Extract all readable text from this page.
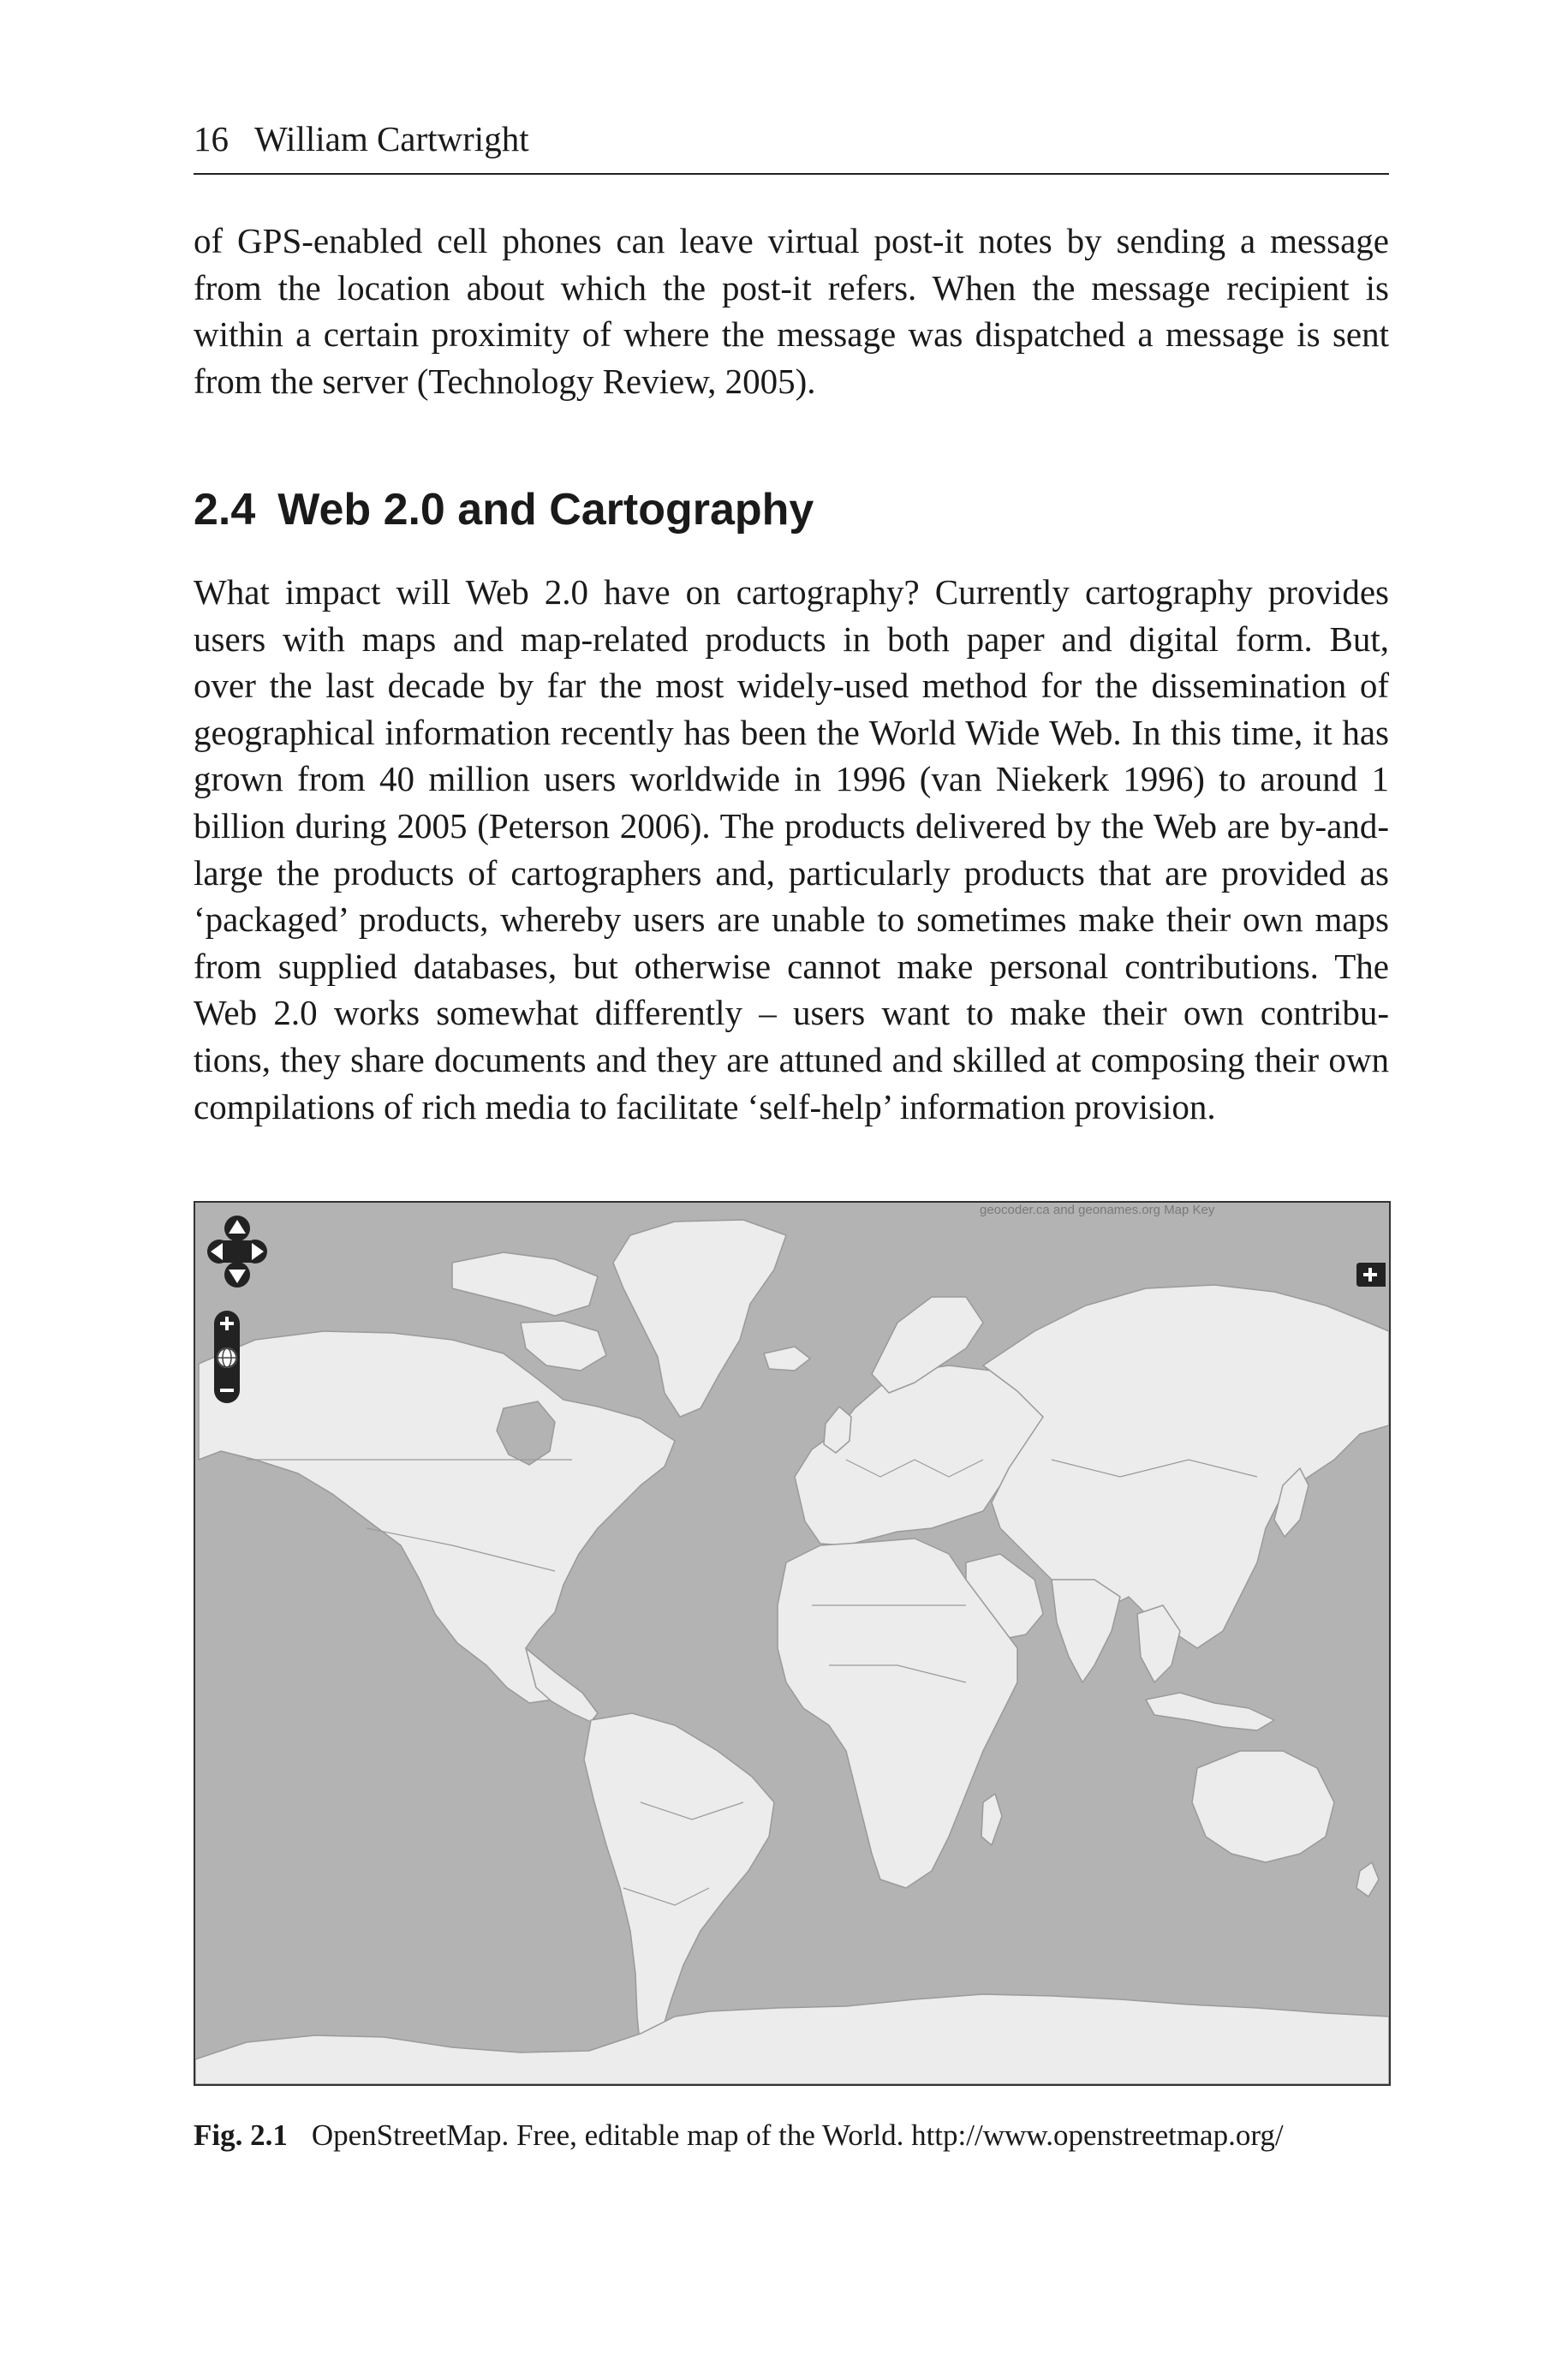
16 William Cartwright
of GPS-enabled cell phones can leave virtual post-it notes by sending a message
from the location about which the post-it refers. When the message recipient is
within a certain proximity of where the message was dispatched a message is sent
from the server (Technology Review, 2005).
2.4 Web 2.0 and Cartography
What impact will Web 2.0 have on cartography? Currently cartography provides
users with maps and map-related products in both paper and digital form. But,
over the last decade by far the most widely-used method for the dissemination of
geographical information recently has been the World Wide Web. In this time, it has
grown from 40 million users worldwide in 1996 (van Niekerk 1996) to around 1
billion during 2005 (Peterson 2006). The products delivered by the Web are by-and-
large the products of cartographers and, particularly products that are provided as
‘packaged’ products, whereby users are unable to sometimes make their own maps
from supplied databases, but otherwise cannot make personal contributions. The
Web 2.0 works somewhat differently – users want to make their own contribu-
tions, they share documents and they are attuned and skilled at composing their own
compilations of rich media to facilitate ‘self-help’ information provision.
geocoder.ca and geonames.org Map Key
Fig. 2.1 OpenStreetMap. Free, editable map of the World. http://www.openstreetmap.org/
